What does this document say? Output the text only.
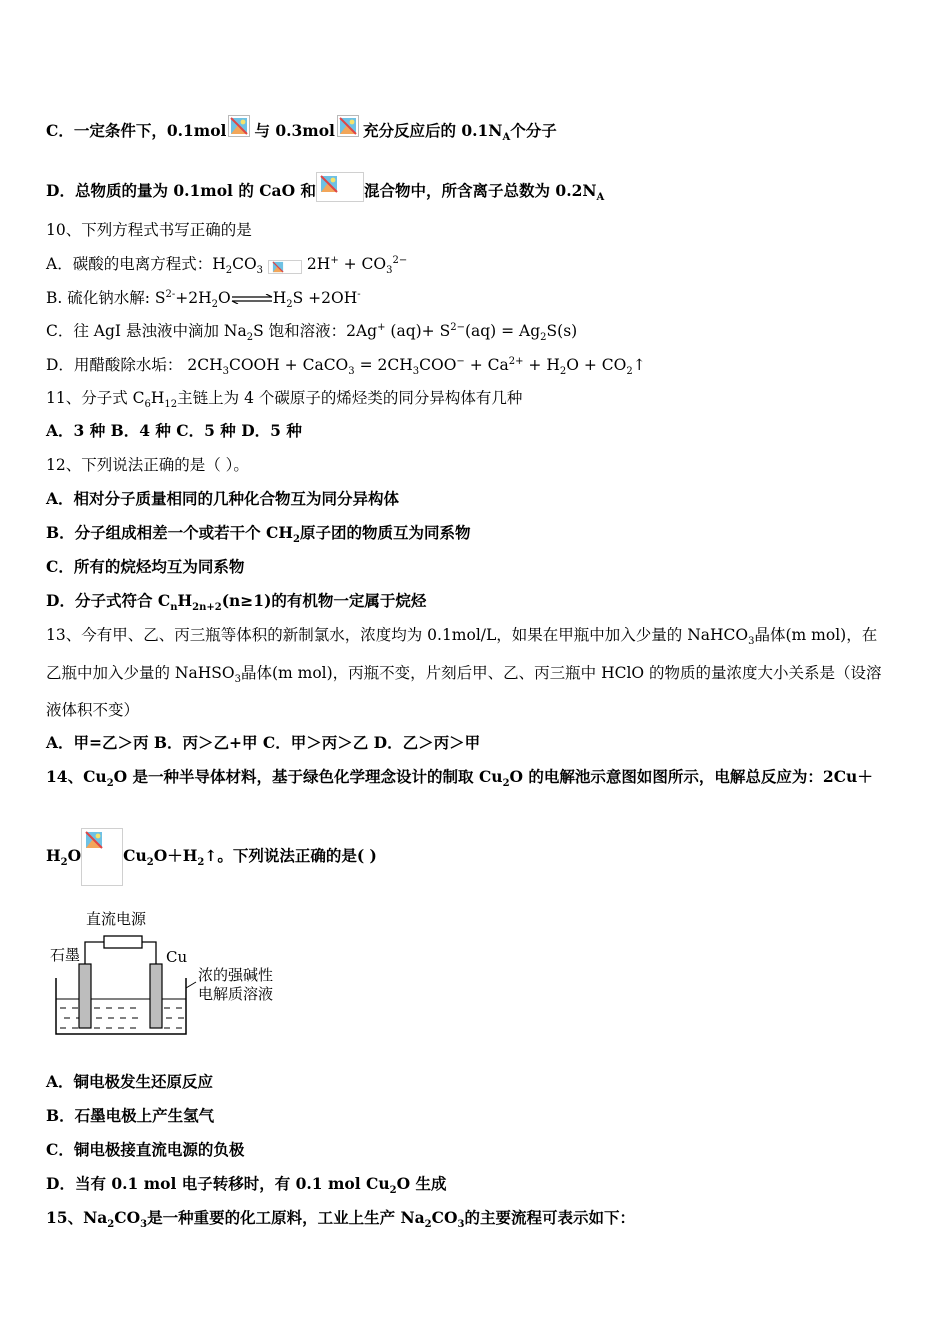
C．一定条件下，0.1mol 与 0.3mol 充分反应后的 $0.1N_A$个分子
D．总物质的量为 0.1mol 的 CaO 和	混合物中，所含离子总数为 $0.2N_A$
10、下列方程式书写正确的是
A．碳酸的电离方程式：$H_2CO_3$	$2H^+ + CO_3^{2-}$
B. 硫化钠水解: $S^{2-}+2H_2O\rightleftharpoons H_2S +2OH^-$
C．往 AgI 悬浊液中滴加 $Na_2S$ 饱和溶液：2Ag+ $(aq)+ S^{2-}(aq) = Ag_2S(s)$
D．用醋酸除水垢： $2CH_3COOH$ + CaCO$_3$ = $2CH_3COO^- + Ca^{2+} + H_2O$ + $CO_2↑$
11、分子式 $C_6H_{12}$主链上为 4 个碳原子的烯烃类的同分异构体有几种
A．3 种 B．4 种 C．5 种 D．5 种
12、下列说法正确的是（ ）。
A．相对分子质量相同的几种化合物互为同分异构体
B．分子组成相差一个或若干个 $CH_2$原子团的物质互为同系物
C．所有的烷烃均互为同系物
D．分子式符合 $C_nH_{2n+2}(n\ge 1)$的有机物一定属于烷烃
13、今有甲、乙、丙三瓶等体积的新制氯水，浓度均为 0.1mol/L，如果在甲瓶中加入少量的 NaHCO$_3$晶体(m mol)，在
乙瓶中加入少量的 NaHSO$_3$晶体(m mol)，丙瓶不变，片刻后甲、乙、丙三瓶中 HClO 的物质的量浓度大小关系是（设溶
液体积不变）
A．甲=乙＞丙 B．丙＞乙+甲 C．甲＞丙＞乙 D．乙＞丙＞甲
14、$Cu_2O$ 是一种半导体材料，基于绿色化学理念设计的制取 $Cu_2O$ 的电解池示意图如图所示，电解总反应为：2Cu＋
$H_2O$	$Cu_2O+H_2↑$。下列说法正确的是( )
直流电源
石墨	Cu
浓的强碱性
电解质溶液
A．铜电极发生还原反应
B．石墨电极上产生氢气
C．铜电极接直流电源的负极
D．当有 0.1 mol 电子转移时，有 0.1 mol $Cu_2O$ 生成
15、$Na_2CO_3$是一种重要的化工原料，工业上生产 $Na_2CO_3$的主要流程可表示如下：
